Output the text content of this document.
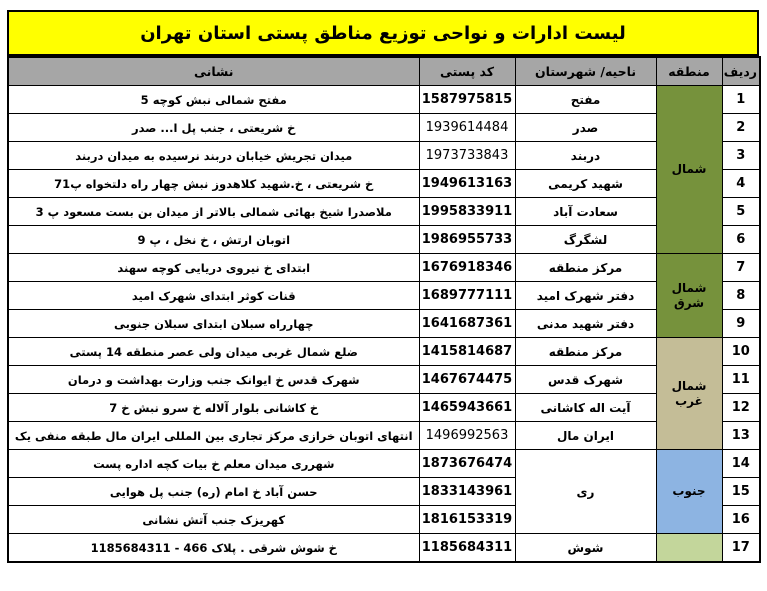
لیست ادارات و نواحی توزیع مناطق پستی استان تهران
ردیف	منطقه	ناحیه/ شهرستان	کد پستی	نشانی
1	شمال	مفتح	1587975815	مفتح شمالی نبش کوچه 5
2		صدر	1939614484	خ شریعتی ، جنب پل ا... صدر
3		دربند	1973733843	میدان تجریش خیابان دربند نرسیده به میدان دربند
4		شهید کریمی	1949613163	خ شریعتی ، خ.شهید کلاهدوز نبش چهار راه دلتخواه پ71
5		سعادت آباد	1995833911	ملاصدرا شیخ بهائی شمالی بالاتر از میدان بن بست مسعود پ 3
6		لشگرگ	1986955733	اتوبان ارتش ، خ نخل ، پ 9
7	شمال شرق	مرکز منطقه	1676918346	ابتدای خ نیروی دریایی کوچه سهند
8		دفتر شهرک امید	1689777111	قنات کوثر ابتدای شهرک امید
9		دفتر شهید مدنی	1641687361	چهارراه سبلان ابتدای سبلان جنوبی
10	شمال غرب	مرکز منطقه	1415814687	ضلع شمال غربی میدان ولی عصر منطقه 14 پستی
11		شهرک قدس	1467674475	شهرک قدس خ ایوانک جنب وزارت بهداشت و درمان
12		آیت اله کاشانی	1465943661	خ کاشانی بلوار آلاله خ سرو نبش خ 7
13		ایران مال	1496992563	انتهای اتوبان خرازی مرکز تجاری بین المللی ایران مال طبقه منفی یک
14	جنوب	ری	1873676474	شهرری میدان معلم خ بیات کچه اداره پست
15			1833143961	حسن آباد خ امام (ره) جنب پل هوایی
16			1816153319	کهریزک جنب آتش نشانی
17		شوش	1185684311	خ شوش شرقی . پلاک 466 - 1185684311
